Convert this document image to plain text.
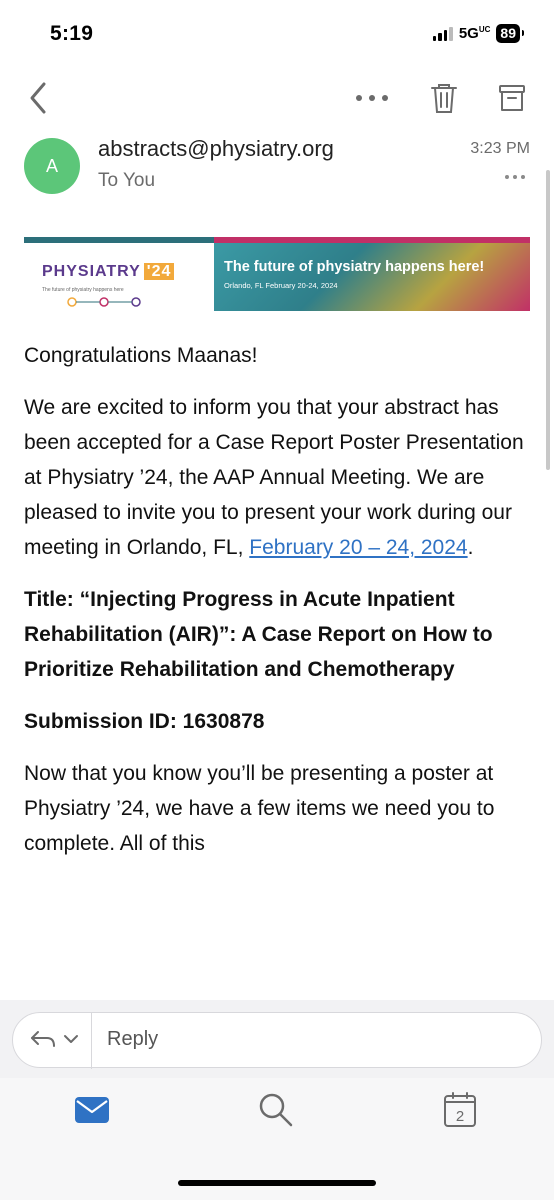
5:19	$5G^{UC}$ 89
A
abstracts@physiatry.org
To You
3:23 PM
PHYSIATRY '24
The future of physiatry happens here
The future of physiatry happens here!
Orlando, FL February 20-24, 2024

Congratulations Maanas!

We are excited to inform you that your abstract has been accepted for a Case Report Poster Presentation at Physiatry ’24, the AAP Annual Meeting. We are pleased to invite you to present your work during our meeting in Orlando, FL, February 20 – 24, 2024.

Title: “Injecting Progress in Acute Inpatient Rehabilitation (AIR)”: A Case Report on How to Prioritize Rehabilitation and Chemotherapy

Submission ID: 1630878

Now that you know you’ll be presenting a poster at Physiatry ’24, we have a few items we need you to complete. All of this

Reply
2
